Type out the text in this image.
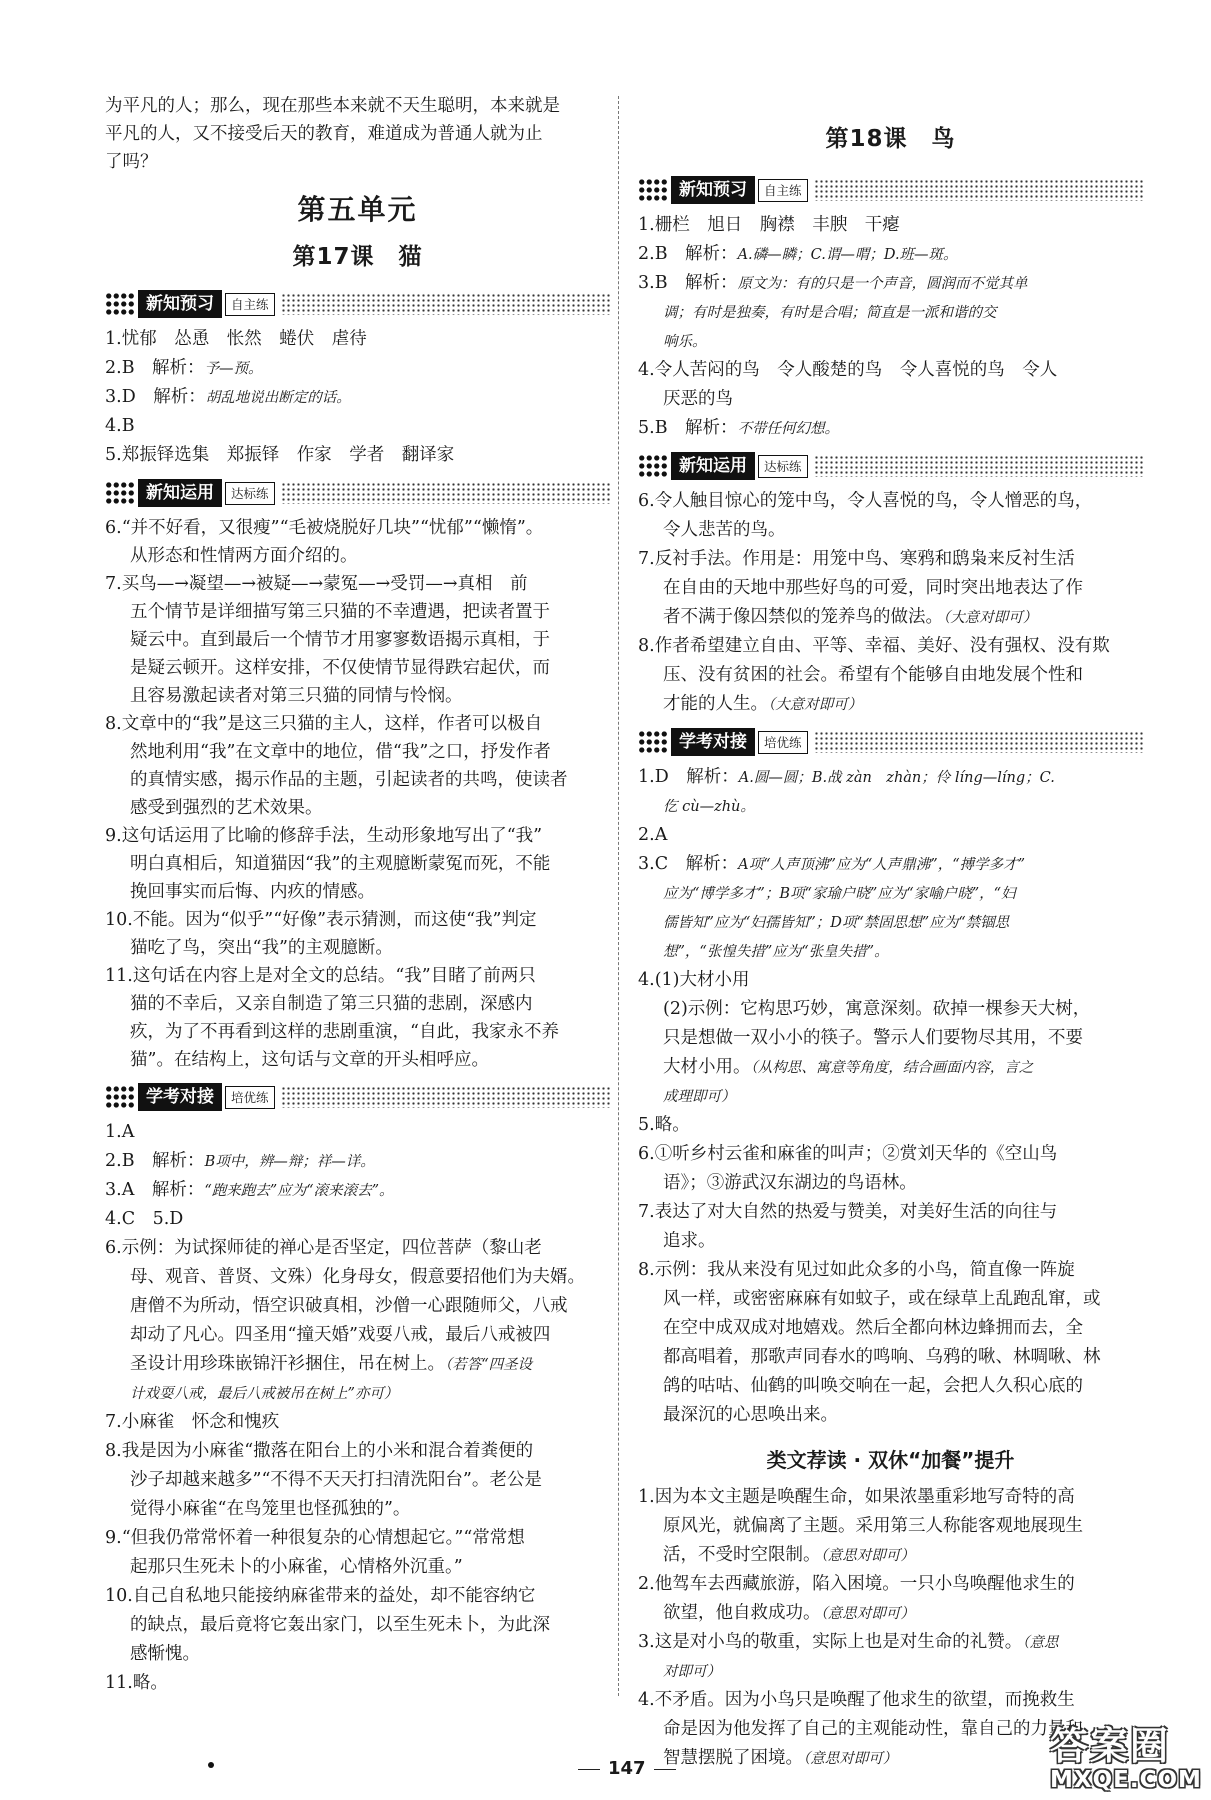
为平凡的人；那么，现在那些本来就不天生聪明，本来就是

平凡的人，又不接受后天的教育，难道成为普通人就为止

了吗？

第五单元
第17课　猫
新知预习	自主练

1.忧郁　怂恿　怅然　蜷伏　虐待

2.B　解析：予—预。

3.D　解析：胡乱地说出断定的话。

4.B

5.郑振铎选集　郑振铎　作家　学者　翻译家

新知运用	达标练

6.“并不好看，又很瘦”“毛被烧脱好几块”“忧郁”“懒惰”。

从形态和性情两方面介绍的。

7.买鸟—→凝望—→被疑—→蒙冤—→受罚—→真相　前

五个情节是详细描写第三只猫的不幸遭遇，把读者置于

疑云中。直到最后一个情节才用寥寥数语揭示真相，于

是疑云顿开。这样安排，不仅使情节显得跌宕起伏，而

且容易激起读者对第三只猫的同情与怜悯。

8.文章中的“我”是这三只猫的主人，这样，作者可以极自

然地利用“我”在文章中的地位，借“我”之口，抒发作者

的真情实感，揭示作品的主题，引起读者的共鸣，使读者

感受到强烈的艺术效果。

9.这句话运用了比喻的修辞手法，生动形象地写出了“我”

明白真相后，知道猫因“我”的主观臆断蒙冤而死，不能

挽回事实而后悔、内疚的情感。

10.不能。因为“似乎”“好像”表示猜测，而这使“我”判定

猫吃了鸟，突出“我”的主观臆断。

11.这句话在内容上是对全文的总结。“我”目睹了前两只

猫的不幸后，又亲自制造了第三只猫的悲剧，深感内

疚，为了不再看到这样的悲剧重演，“自此，我家永不养

猫”。在结构上，这句话与文章的开头相呼应。

学考对接	培优练

1.A

2.B　解析：B项中，辨—辩；祥—详。

3.A　解析：“跑来跑去”应为“滚来滚去”。

4.C　5.D

6.示例：为试探师徒的禅心是否坚定，四位菩萨（黎山老

母、观音、普贤、文殊）化身母女，假意要招他们为夫婿。

唐僧不为所动，悟空识破真相，沙僧一心跟随师父，八戒

却动了凡心。四圣用“撞天婚”戏耍八戒，最后八戒被四

圣设计用珍珠嵌锦汗衫捆住，吊在树上。（若答“四圣设

计戏耍八戒，最后八戒被吊在树上”亦可）

7.小麻雀　怀念和愧疚

8.我是因为小麻雀“撒落在阳台上的小米和混合着粪便的

沙子却越来越多”“不得不天天打扫清洗阳台”。老公是

觉得小麻雀“在鸟笼里也怪孤独的”。

9.“但我仍常常怀着一种很复杂的心情想起它。”“常常想

起那只生死未卜的小麻雀，心情格外沉重。”

10.自己自私地只能接纳麻雀带来的益处，却不能容纳它

的缺点，最后竟将它轰出家门，以至生死未卜，为此深

感惭愧。

11.略。

第18课　鸟
新知预习	自主练

1.栅栏　旭日　胸襟　丰腴　干瘪

2.B　解析：A.磷—瞵；C.谓—喟；D.班—斑。

3.B　解析：原文为：有的只是一个声音，圆润而不觉其单

调；有时是独奏，有时是合唱；简直是一派和谐的交

响乐。

4.令人苦闷的鸟　令人酸楚的鸟　令人喜悦的鸟　令人

厌恶的鸟

5.B　解析：不带任何幻想。

新知运用	达标练

6.令人触目惊心的笼中鸟，令人喜悦的鸟，令人憎恶的鸟，

令人悲苦的鸟。

7.反衬手法。作用是：用笼中鸟、寒鸦和鸱枭来反衬生活

在自由的天地中那些好鸟的可爱，同时突出地表达了作

者不满于像囚禁似的笼养鸟的做法。（大意对即可）

8.作者希望建立自由、平等、幸福、美好、没有强权、没有欺

压、没有贫困的社会。希望有个能够自由地发展个性和

才能的人生。（大意对即可）

学考对接	培优练

1.D　解析：A.圆—圆；B.战 zàn　zhàn；伶 líng—líng；C.

仡 cù—zhù。

2.A

3.C　解析：A项“人声顶沸”应为“人声鼎沸”，“搏学多才”

应为“博学多才”；B项“家瑜户晓”应为“家喻户晓”，“妇

儒皆知”应为“妇孺皆知”；D项“禁固思想”应为“禁锢思

想”，“张惶失措”应为“张皇失措”。

4.(1)大材小用

(2)示例：它构思巧妙，寓意深刻。砍掉一棵参天大树，

只是想做一双小小的筷子。警示人们要物尽其用，不要

大材小用。（从构思、寓意等角度，结合画面内容，言之

成理即可）

5.略。

6.①听乡村云雀和麻雀的叫声；②赏刘天华的《空山鸟

语》；③游武汉东湖边的鸟语林。

7.表达了对大自然的热爱与赞美，对美好生活的向往与

追求。

8.示例：我从来没有见过如此众多的小鸟，简直像一阵旋

风一样，或密密麻麻有如蚊子，或在绿草上乱跑乱窜，或

在空中成双成对地嬉戏。然后全都向林边蜂拥而去，全

都高唱着，那歌声同春水的鸣响、乌鸦的啾、林啁啾、林

鸽的咕咕、仙鹤的叫唤交响在一起，会把人久积心底的

最深沉的心思唤出来。

类文荐读 · 双休“加餐”提升

1.因为本文主题是唤醒生命，如果浓墨重彩地写奇特的高

原风光，就偏离了主题。采用第三人称能客观地展现生

活，不受时空限制。（意思对即可）

2.他驾车去西藏旅游，陷入困境。一只小鸟唤醒他求生的

欲望，他自救成功。（意思对即可）

3.这是对小鸟的敬重，实际上也是对生命的礼赞。（意思

对即可）

4.不矛盾。因为小鸟只是唤醒了他求生的欲望，而挽救生

命是因为他发挥了自己的主观能动性，靠自己的力量和

智慧摆脱了困境。（意思对即可）

147
答案圈
MXQE.COM
